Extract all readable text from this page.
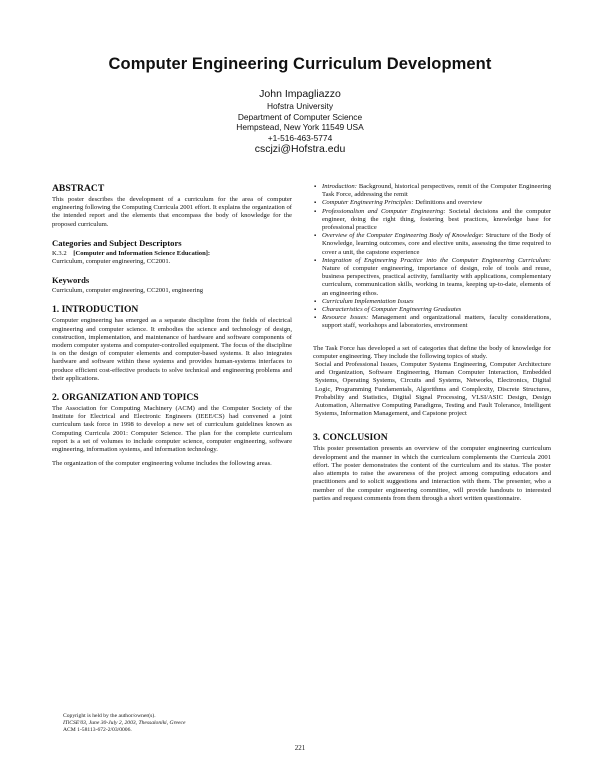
Computer Engineering Curriculum Development
John Impagliazzo
Hofstra University
Department of Computer Science
Hempstead, New York 11549 USA
+1-516-463-5774
cscjzi@Hofstra.edu
ABSTRACT

This poster describes the development of a curriculum for the area of computer engineering following the Computing Curricula 2001 effort. It explains the organization of the intended report and the elements that encompass the body of knowledge for the proposed curriculum.

Categories and Subject Descriptors
K.3.2 [Computer and Information Science Education]:

Curriculum, computer engineering, CC2001.

Keywords

Curriculum, computer engineering, CC2001, engineering

1. INTRODUCTION

Computer engineering has emerged as a separate discipline from the fields of electrical engineering and computer science. It embodies the science and technology of design, construction, implementation, and maintenance of hardware and software components of modern computer systems and computer-controlled equipment. The focus of the discipline is on the design of computer elements and computer-based systems. It also integrates hardware and software within these systems and provides human-systems interfaces to produce efficient cost-effective products to solve technical and engineering problems and their applications.

2. ORGANIZATION AND TOPICS

The Association for Computing Machinery (ACM) and the Computer Society of the Institute for Electrical and Electronic Engineers (IEEE/CS) had convened a joint curriculum task force in 1998 to develop a new set of curriculum guidelines known as Computing Curricula 2001: Computer Science. The plan for the complete curriculum report is a set of volumes to include computer science, computer engineering, software engineering, information systems, and information technology.

The organization of the computer engineering volume includes the following areas.

Copyright is held by the author/owner(s).
ITiCSE'03, June 30-July 2, 2003, Thessaloniki, Greece
ACM 1-58113-672-2/03/0006.
▪ Introduction: Background, historical perspectives, remit of the Computer Engineering Task Force, addressing the remit
▪ Computer Engineering Principles: Definitions and overview
▪ Professionalism and Computer Engineering: Societal decisions and the computer engineer, doing the right thing, fostering best practices, knowledge base for professional practice
▪ Overview of the Computer Engineering Body of Knowledge: Structure of the Body of Knowledge, learning outcomes, core and elective units, assessing the time required to cover a unit, the capstone experience
▪ Integration of Engineering Practice into the Computer Engineering Curriculum: Nature of computer engineering, importance of design, role of tools and reuse, business perspectives, practical activity, familiarity with applications, complementary curriculum, communication skills, working in teams, keeping up-to-date, elements of an engineering ethos.
▪ Curriculum Implementation Issues
▪ Characteristics of Computer Engineering Graduates
▪ Resource Issues: Management and organizational matters, faculty considerations, support staff, workshops and laboratories, environment

The Task Force has developed a set of categories that define the body of knowledge for computer engineering. They include the following topics of study.

Social and Professional Issues, Computer Systems Engineering, Computer Architecture and Organization, Software Engineering, Human Computer Interaction, Embedded Systems, Operating Systems, Circuits and Systems, Networks, Electronics, Digital Logic, Programming Fundamentals, Algorithms and Complexity, Discrete Structures, Probability and Statistics, Digital Signal Processing, VLSI/ASIC Design, Design Automation, Alternative Computing Paradigms, Testing and Fault Tolerance, Intelligent Systems, Information Management, and Capstone project

3. CONCLUSION

This poster presentation presents an overview of the computer engineering curriculum development and the manner in which the curriculum complements the Curricula 2001 effort. The poster demonstrates the content of the curriculum and its status. The poster also attempts to raise the awareness of the project among computing educators and practitioners and to solicit suggestions and interaction with them. The presenter, who a member of the computer engineering committee, will provide handouts to interested parties and request comments from them through a short written questionnaire.

221
